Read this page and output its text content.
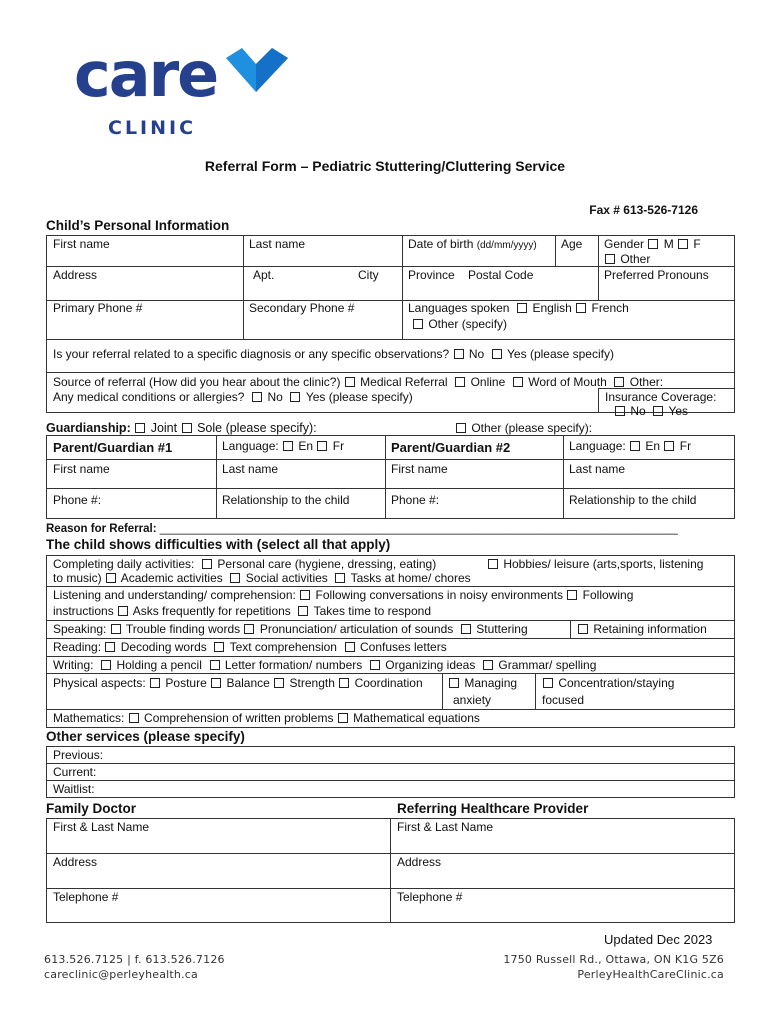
care
CLINIC
Referral Form – Pediatric Stuttering/Cluttering Service
Fax # 613-526-7126
Child’s Personal Information
First name	Last name	Date of birth (dd/mm/yyyy) Age Gender M F
Other
Address	Apt.	City Province Postal Code	Preferred Pronouns
Primary Phone #	Secondary Phone #	Languages spoken English French
Other (specify)
Is your referral related to a specific diagnosis or any specific observations? No Yes (please specify)
Source of referral (How did you hear about the clinic?) Medical Referral Online Word of Mouth Other:
Any medical conditions or allergies? No Yes (please specify)	Insurance Coverage:
No Yes
Guardianship: Joint Sole (please specify):	Other (please specify):
Parent/Guardian #1	Language: En Fr	Parent/Guardian #2	Language: En Fr
First name	Last name	First name	Last name
Phone #:	Relationship to the child	Phone #:	Relationship to the child
Reason for Referral: _________________________________________________________________________________
The child shows difficulties with (select all that apply)
Completing daily activities: Personal care (hygiene, dressing, eating)	Hobbies/ leisure (arts,sports, listening
to music) Academic activities Social activities Tasks at home/ chores
Listening and understanding/ comprehension: Following conversations in noisy environments Following
instructions Asks frequently for repetitions Takes time to respond
Speaking: Trouble finding words Pronunciation/ articulation of sounds Stuttering	Retaining information
Reading: Decoding words Text comprehension Confuses letters
Writing: Holding a pencil Letter formation/ numbers Organizing ideas Grammar/ spelling
Physical aspects: Posture Balance Strength Coordination	Managing
anxiety
Concentration/staying
focused
Mathematics: Comprehension of written problems Mathematical equations
Other services (please specify)
Previous:
Current:
Waitlist:
Family Doctor	Referring Healthcare Provider
First & Last Name	First & Last Name
Address	Address
Telephone #	Telephone #
Updated Dec 2023
613.526.7125 | f. 613.526.7126
careclinic@perleyhealth.ca
1750 Russell Rd., Ottawa, ON K1G 5Z6
PerleyHealthCareClinic.ca
